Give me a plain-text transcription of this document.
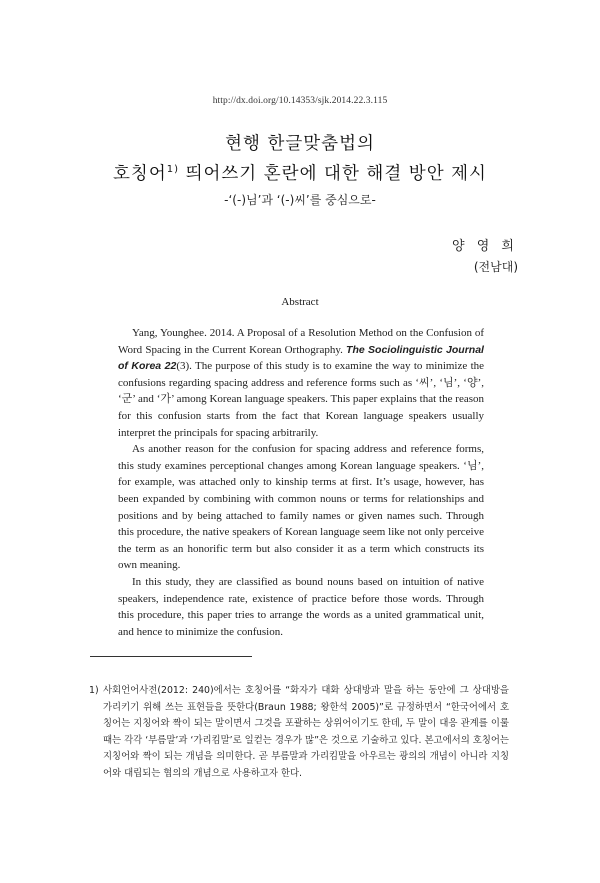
http://dx.doi.org/10.14353/sjk.2014.22.3.115
현행 한글맞춤법의
호칭어$^{1)}$ 띄어쓰기 혼란에 대한 해결 방안 제시
-‘(-)님’과 ‘(-)씨’를 중심으로-
양 영 희
(전남대)
Abstract

Yang, Younghee. 2014. A Proposal of a Resolution Method on the Confusion of Word Spacing in the Current Korean Orthography. The Sociolinguistic Journal of Korea 22(3). The purpose of this study is to examine the way to minimize the confusions regarding spacing address and reference forms such as ‘씨’, ‘님’, ‘양’, ‘군’ and ‘가’ among Korean language speakers. This paper explains that the reason for this confusion starts from the fact that Korean language speakers usually interpret the principals for spacing arbitrarily.

As another reason for the confusion for spacing address and reference forms, this study examines perceptional changes among Korean language speakers. ‘님’, for example, was attached only to kinship terms at first. It’s usage, however, has been expanded by combining with common nouns or terms for relationships and positions and by being attached to family names or given names such. Through this procedure, the native speakers of Korean language seem like not only perceive the term as an honorific term but also consider it as a term which constructs its own meaning.

In this study, they are classified as bound nouns based on intuition of native speakers, independence rate, existence of practice before those words. Through this procedure, this paper tries to arrange the words as a united grammatical unit, and hence to minimize the confusion.

1) 사회언어사전(2012: 240)에서는 호칭어를 “화자가 대화 상대방과 말을 하는 동안에 그 상대방을 가리키기 위해 쓰는 표현들을 뜻한다(Braun 1988; 왕한석 2005)”로 규정하면서 “한국어에서 호칭어는 지칭어와 짝이 되는 말이면서 그것을 포괄하는 상위어이기도 한데, 두 말이 대응 관계를 이룰 때는 각각 ‘부름말’과 ‘가리킴말’로 일컫는 경우가 많”은 것으로 기술하고 있다. 본고에서의 호칭어는 지칭어와 짝이 되는 개념을 의미한다. 곧 부름말과 가리킴말을 아우르는 광의의 개념이 아니라 지칭어와 대립되는 협의의 개념으로 사용하고자 한다.
